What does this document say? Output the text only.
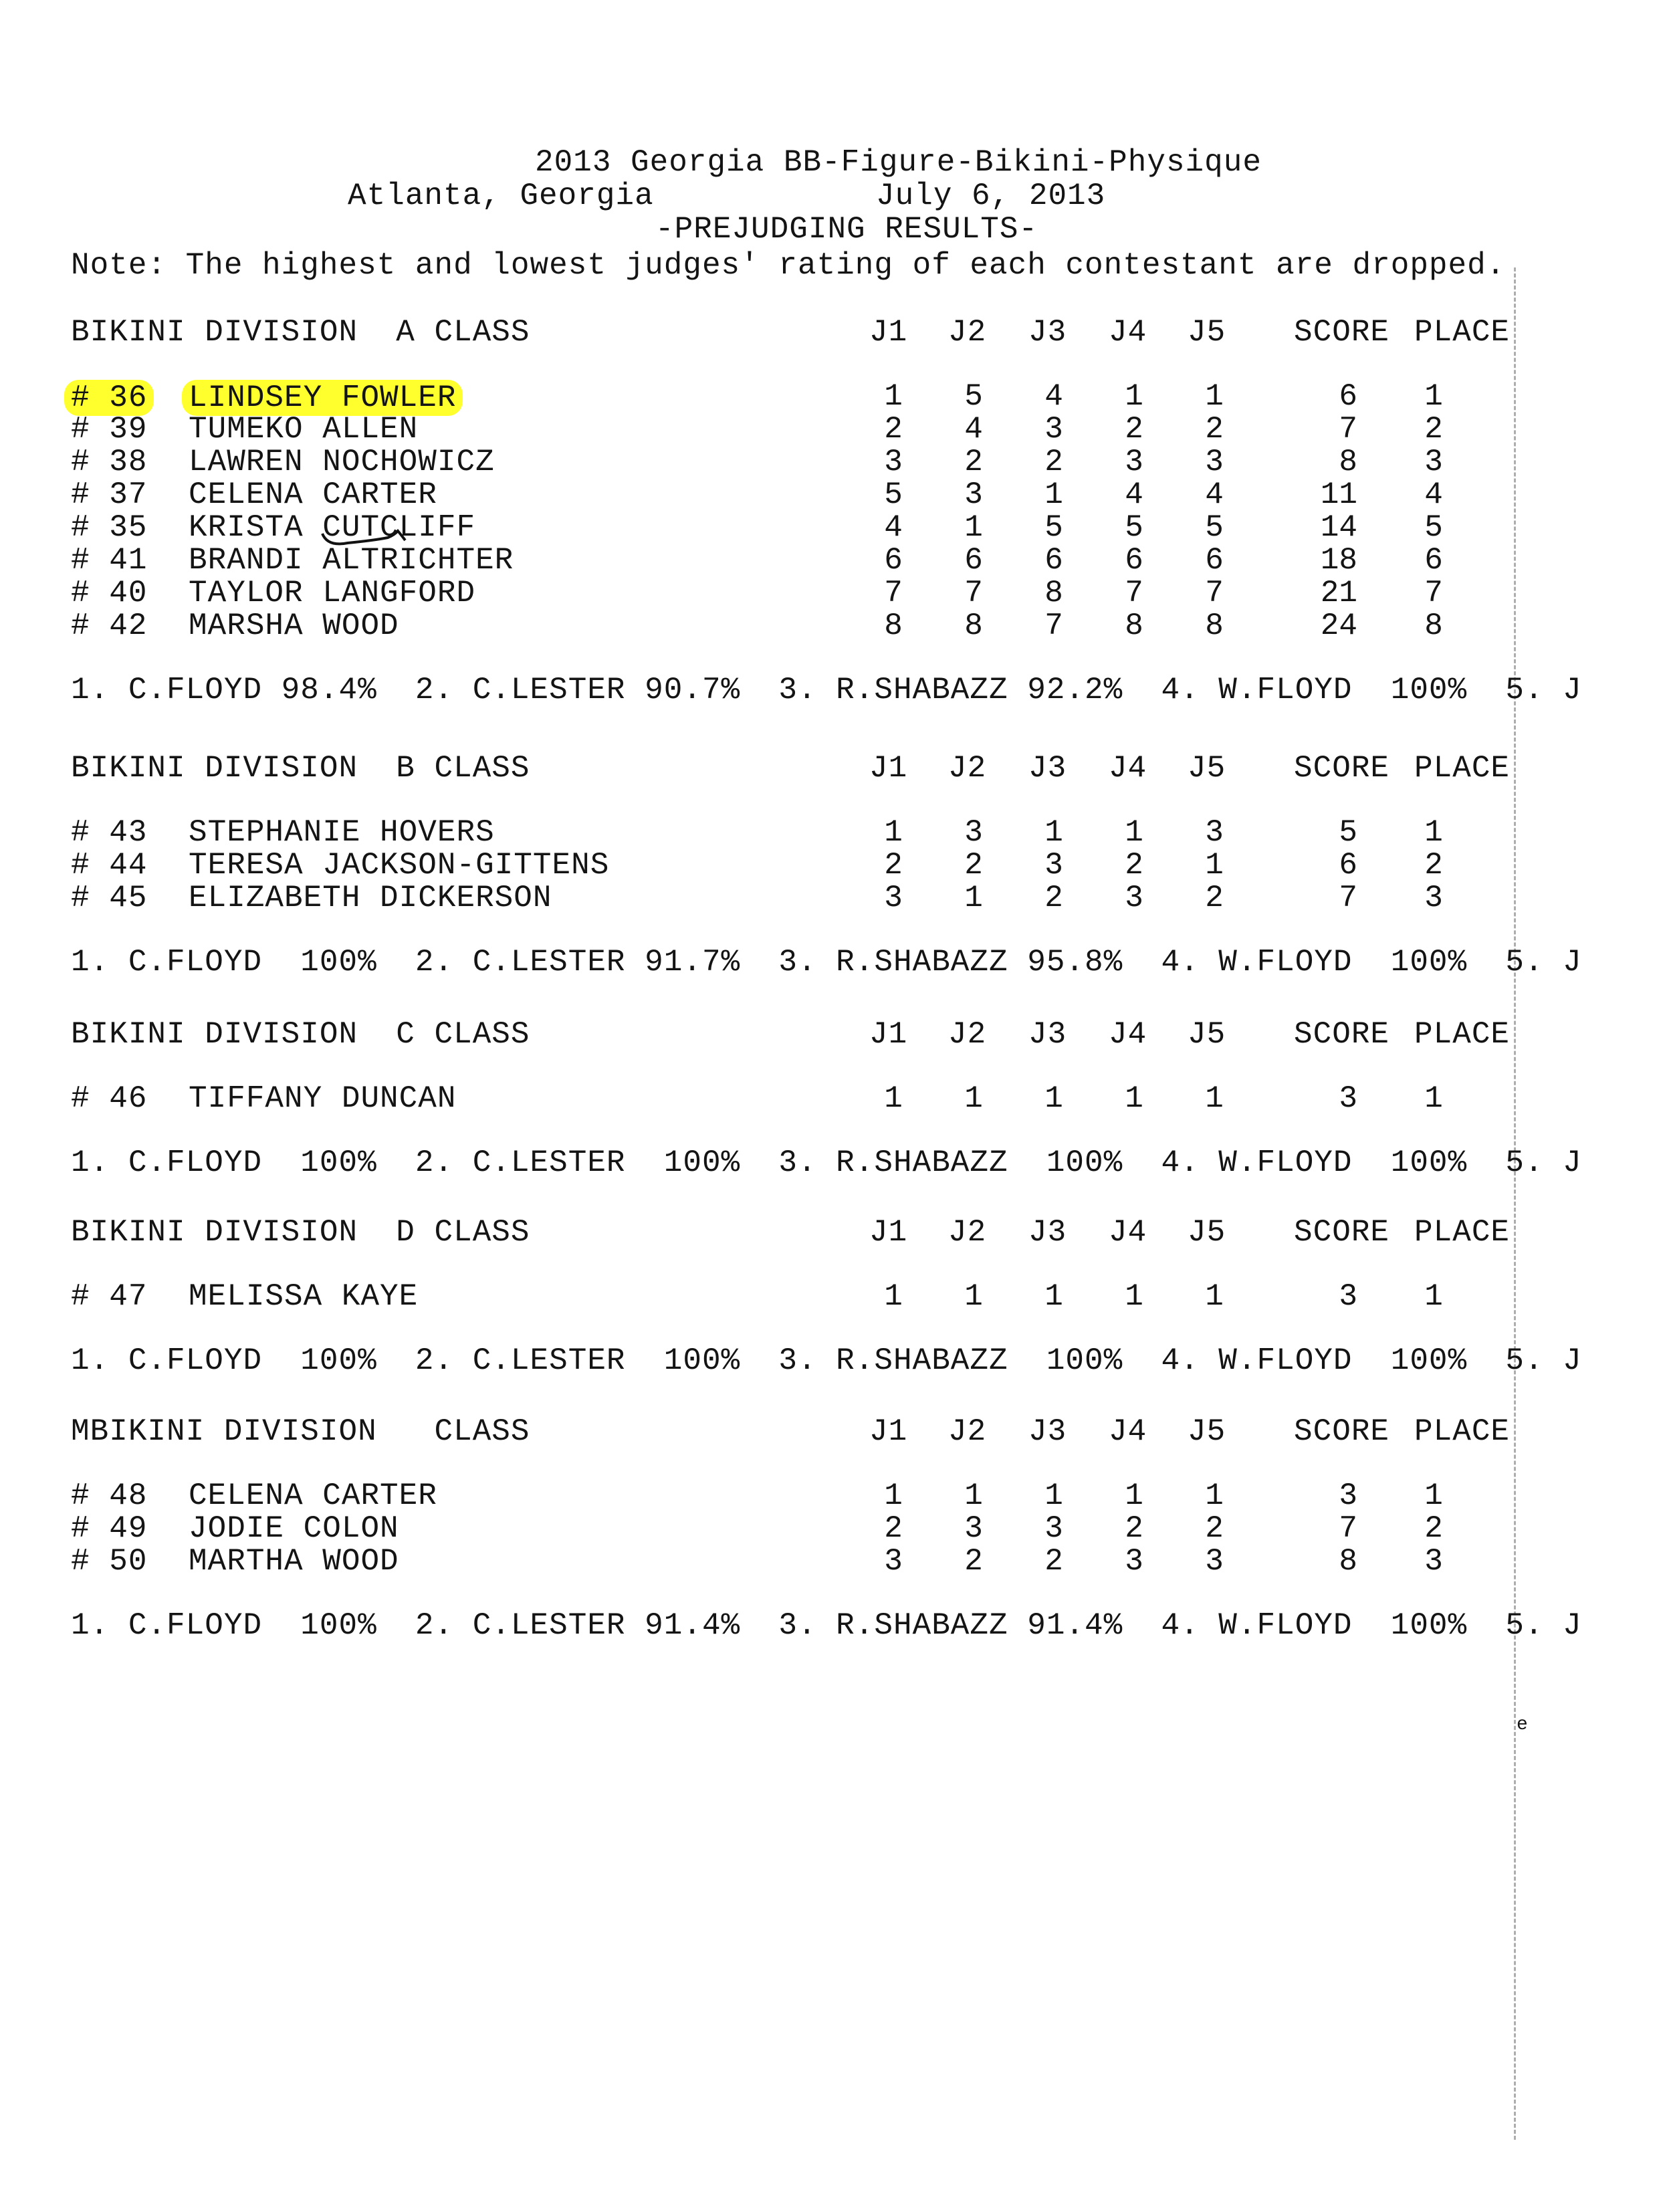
2013 Georgia BB-Figure-Bikini-Physique
Atlanta, Georgia	July 6, 2013
-PREJUDGING RESULTS-
Note: The highest and lowest judges' rating of each contestant are dropped.
BIKINI DIVISION  A CLASS	J1 J2 J3 J4 J5 SCORE PLACE
# 36 LINDSEY FOWLER	1	5	4	1	1	6	1
# 39 TUMEKO ALLEN	2	4	3	2	2	7	2
# 38 LAWREN NOCHOWICZ	3	2	2	3	3	8	3
# 37 CELENA CARTER	5	3	1	4	4	11	4
# 35 KRISTA CUTCLIFF	4	1	5	5	5	14	5
# 41 BRANDI ALTRICHTER	6	6	6	6	6	18	6
# 40 TAYLOR LANGFORD	7	7	8	7	7	21	7
# 42 MARSHA WOOD	8	8	7	8	8	24	8
1. C.FLOYD 98.4%  2. C.LESTER 90.7%  3. R.SHABAZZ 92.2%  4. W.FLOYD  100%  5. J
BIKINI DIVISION  B CLASS	J1 J2 J3 J4 J5 SCORE PLACE
# 43 STEPHANIE HOVERS	1	3	1	1	3	5	1
# 44 TERESA JACKSON-GITTENS	2	2	3	2	1	6	2
# 45 ELIZABETH DICKERSON	3	1	2	3	2	7	3
1. C.FLOYD  100%  2. C.LESTER 91.7%  3. R.SHABAZZ 95.8%  4. W.FLOYD  100%  5. J
BIKINI DIVISION  C CLASS	J1 J2 J3 J4 J5 SCORE PLACE
# 46 TIFFANY DUNCAN	1	1	1	1	1	3	1
1. C.FLOYD  100%  2. C.LESTER  100%  3. R.SHABAZZ  100%  4. W.FLOYD  100%  5. J
BIKINI DIVISION  D CLASS	J1 J2 J3 J4 J5 SCORE PLACE
# 47 MELISSA KAYE	1	1	1	1	1	3	1
1. C.FLOYD  100%  2. C.LESTER  100%  3. R.SHABAZZ  100%  4. W.FLOYD  100%  5. J
MBIKINI DIVISION   CLASS	J1 J2 J3 J4 J5 SCORE PLACE
# 48 CELENA CARTER	1	1	1	1	1	3	1
# 49 JODIE COLON	2	3	3	2	2	7	2
# 50 MARTHA WOOD	3	2	2	3	3	8	3
1. C.FLOYD  100%  2. C.LESTER 91.4%  3. R.SHABAZZ 91.4%  4. W.FLOYD  100%  5. J
e
